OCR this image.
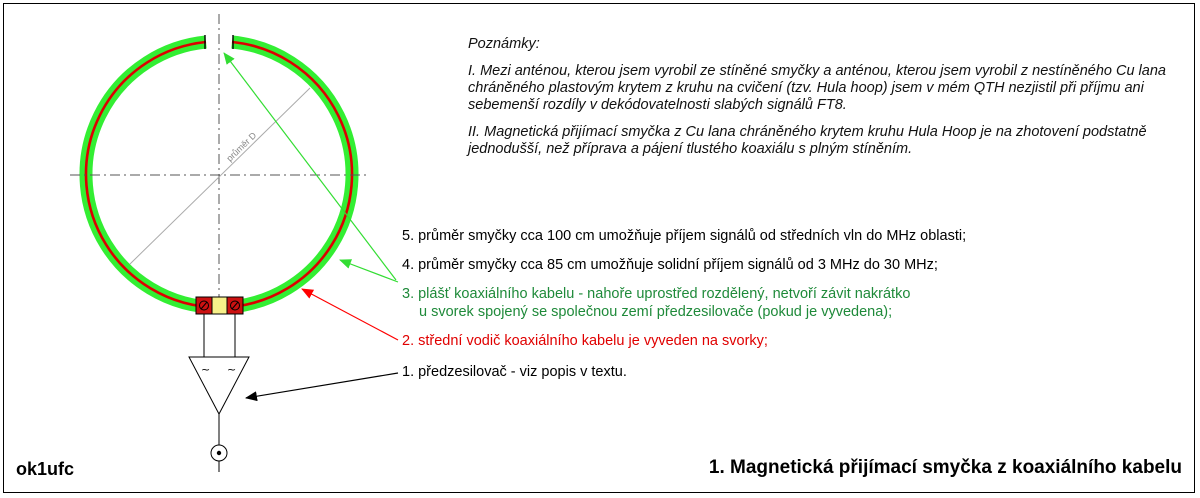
průměr D
~ ~

Poznámky:

I. Mezi anténou, kterou jsem vyrobil ze stíněné smyčky a anténou, kterou jsem vyrobil z nestíněného Cu lana chráněného plastovým krytem z kruhu na cvičení (tzv. Hula hoop) jsem v mém QTH nezjistil při příjmu ani sebemenší rozdíly v dekódovatelnosti slabých signálů FT8.

II. Magnetická přijímací smyčka z Cu lana chráněného krytem kruhu Hula Hoop je na zhotovení podstatně jednodušší, než příprava a pájení tlustého koaxiálu s plným stíněním.

5. průměr smyčky cca 100 cm umožňuje příjem signálů od středních vln do MHz oblasti;
4. průměr smyčky cca 85 cm umožňuje solidní příjem signálů od 3 MHz do 30 MHz;
3. plášť koaxiálního kabelu - nahoře uprostřed rozdělený, netvoří závit nakrátko
u svorek spojený se společnou zemí předzesilovače (pokud je vyvedena);
2. střední vodič koaxiálního kabelu je vyveden na svorky;
1. předzesilovač - viz popis v textu.
ok1ufc	1. Magnetická přijímací smyčka z koaxiálního kabelu
